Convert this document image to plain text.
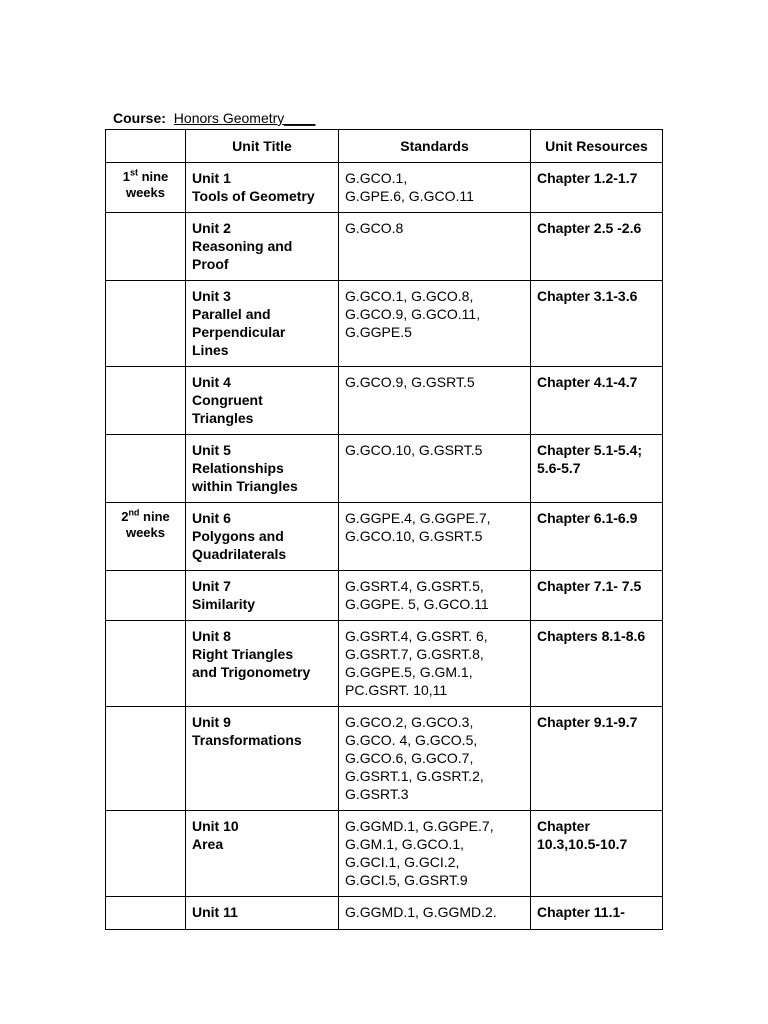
Course: Honors Geometry____
	Unit Title	Standards	Unit Resources

1st nine
weeks	Unit 1
Tools of Geometry	G.GCO.1,
G.GPE.6, G.GCO.11	Chapter 1.2-1.7

	Unit 2
Reasoning and
Proof	G.GCO.8	Chapter 2.5 -2.6

	Unit 3
Parallel and
Perpendicular
Lines	G.GCO.1, G.GCO.8,
G.GCO.9, G.GCO.11,
G.GGPE.5	Chapter 3.1-3.6

	Unit 4
Congruent
Triangles	G.GCO.9, G.GSRT.5	Chapter 4.1-4.7

	Unit 5
Relationships
within Triangles	G.GCO.10, G.GSRT.5	Chapter 5.1-5.4;
5.6-5.7

2nd nine
weeks	Unit 6
Polygons and
Quadrilaterals	G.GGPE.4, G.GGPE.7,
G.GCO.10, G.GSRT.5	Chapter 6.1-6.9

	Unit 7
Similarity	G.GSRT.4, G.GSRT.5,
G.GGPE. 5, G.GCO.11	Chapter 7.1- 7.5

	Unit 8
Right Triangles
and Trigonometry	G.GSRT.4, G.GSRT. 6,
G.GSRT.7, G.GSRT.8,
G.GGPE.5, G.GM.1,
PC.GSRT. 10,11	Chapters 8.1-8.6

	Unit 9
Transformations	G.GCO.2, G.GCO.3,
G.GCO. 4, G.GCO.5,
G.GCO.6, G.GCO.7,
G.GSRT.1, G.GSRT.2,
G.GSRT.3	Chapter 9.1-9.7

	Unit 10
Area	G.GGMD.1, G.GGPE.7,
G.GM.1, G.GCO.1,
G.GCI.1, G.GCI.2,
G.GCI.5, G.GSRT.9	Chapter
10.3,10.5-10.7

	Unit 11	G.GGMD.1, G.GGMD.2.	Chapter 11.1-
